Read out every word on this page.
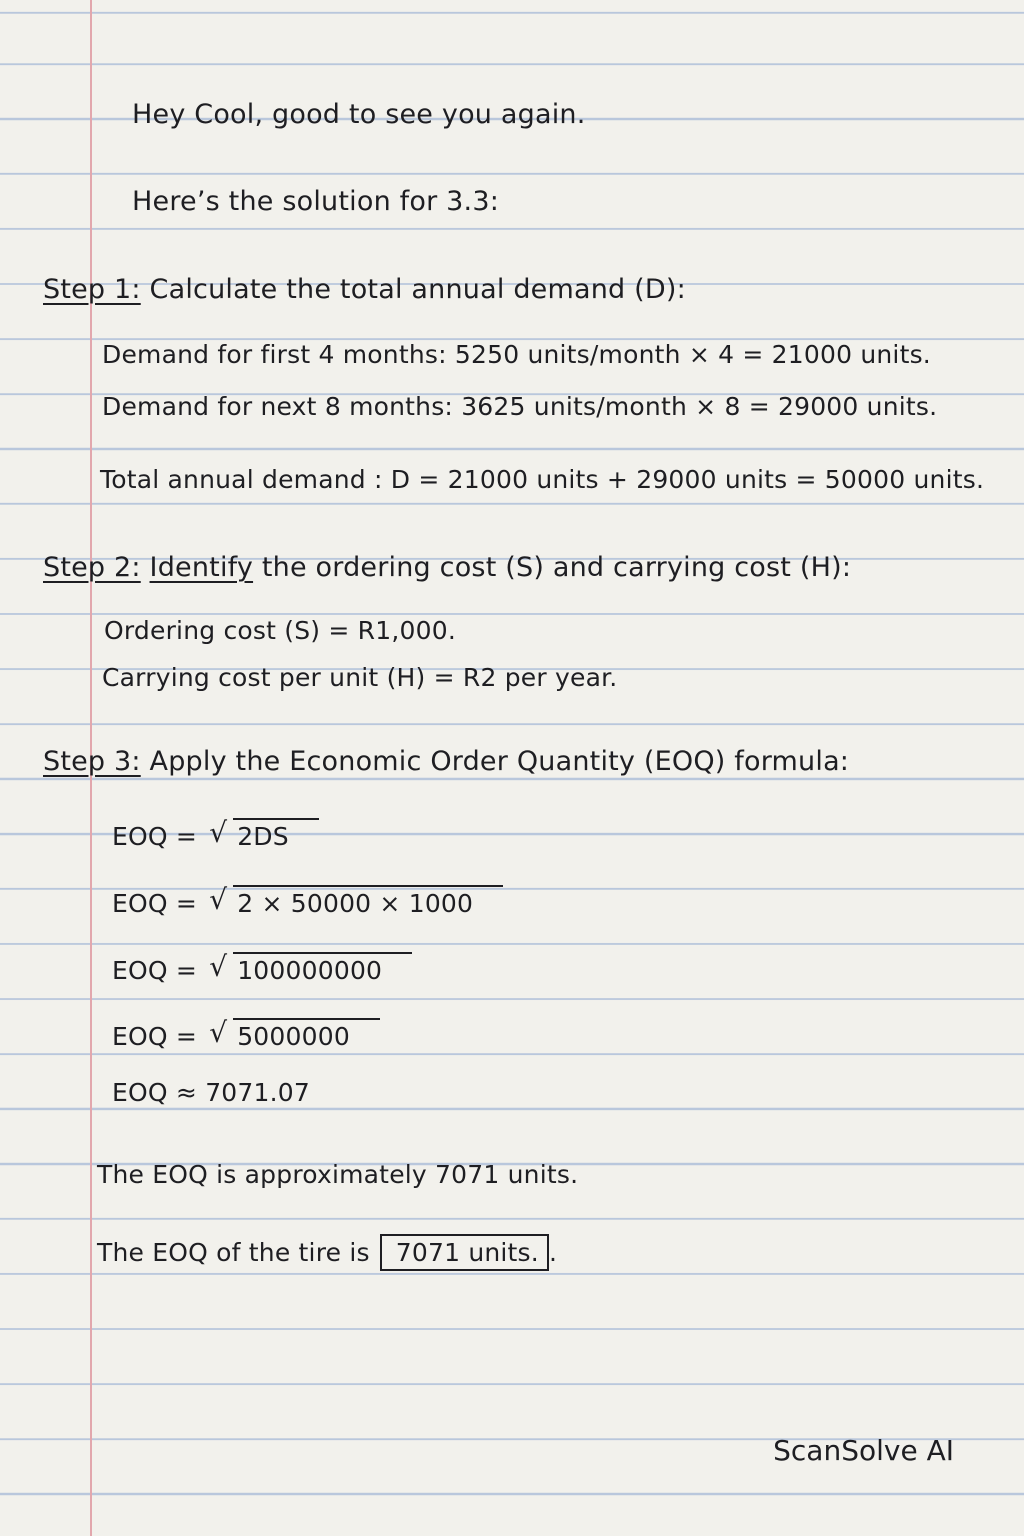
Hey Cool, good to see you again.
Here’s the solution for 3.3:
Step 1: Calculate the total annual demand (D):
Demand for first 4 months: 5250 units/month × 4 = 21000 units.
Demand for next 8 months: 3625 units/month × 8 = 29000 units.
Total annual demand : D = 21000 units + 29000 units = 50000 units.
Step 2: Identify the ordering cost (S) and carrying cost (H):
Ordering cost (S) = R1,000.
Carrying cost per unit (H) = R2 per year.
Step 3: Apply the Economic Order Quantity (EOQ) formula:
EOQ = √ 2DS
EOQ = √ 2 × 50000 × 1000
EOQ = √ 100000000
EOQ = √ 5000000
EOQ ≈ 7071.07
The EOQ is approximately 7071 units.
The EOQ of the tire is 7071 units. .
ScanSolve AI
